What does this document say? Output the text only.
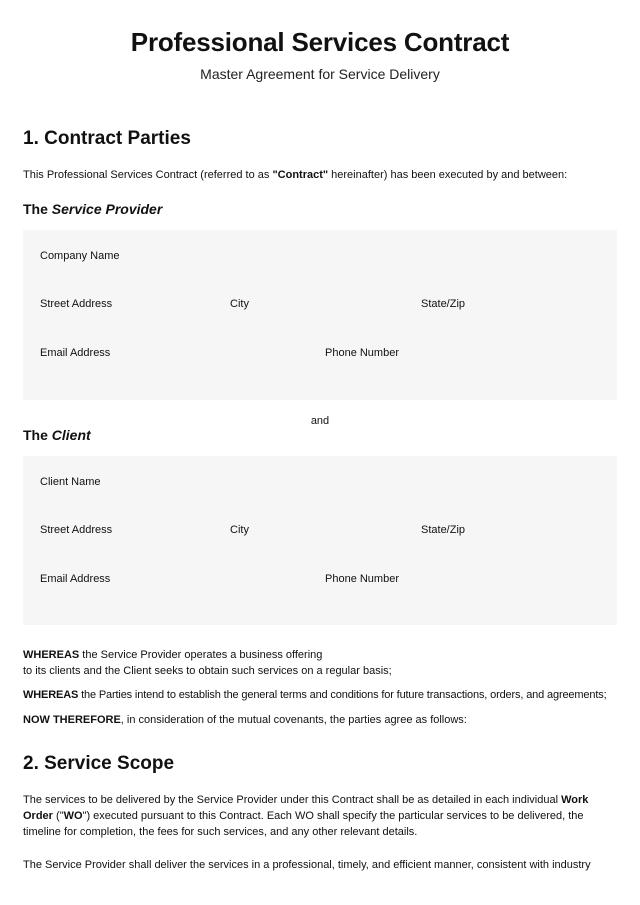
Professional Services Contract

Master Agreement for Service Delivery

1. Contract Parties

This Professional Services Contract (referred to as "Contract" hereinafter) has been executed by and between:

The Service Provider
Company Name
Street Address	City	State/Zip
Email Address	Phone Number
and
The Client
Client Name
Street Address	City	State/Zip
Email Address	Phone Number

WHEREAS the Service Provider operates a business offering
to its clients and the Client seeks to obtain such services on a regular basis;

WHEREAS the Parties intend to establish the general terms and conditions for future transactions, orders, and agreements;

NOW THEREFORE, in consideration of the mutual covenants, the parties agree as follows:

2. Service Scope

The services to be delivered by the Service Provider under this Contract shall be as detailed in each individual Work Order ("WO") executed pursuant to this Contract. Each WO shall specify the particular services to be delivered, the timeline for completion, the fees for such services, and any other relevant details.

The Service Provider shall deliver the services in a professional, timely, and efficient manner, consistent with industry
